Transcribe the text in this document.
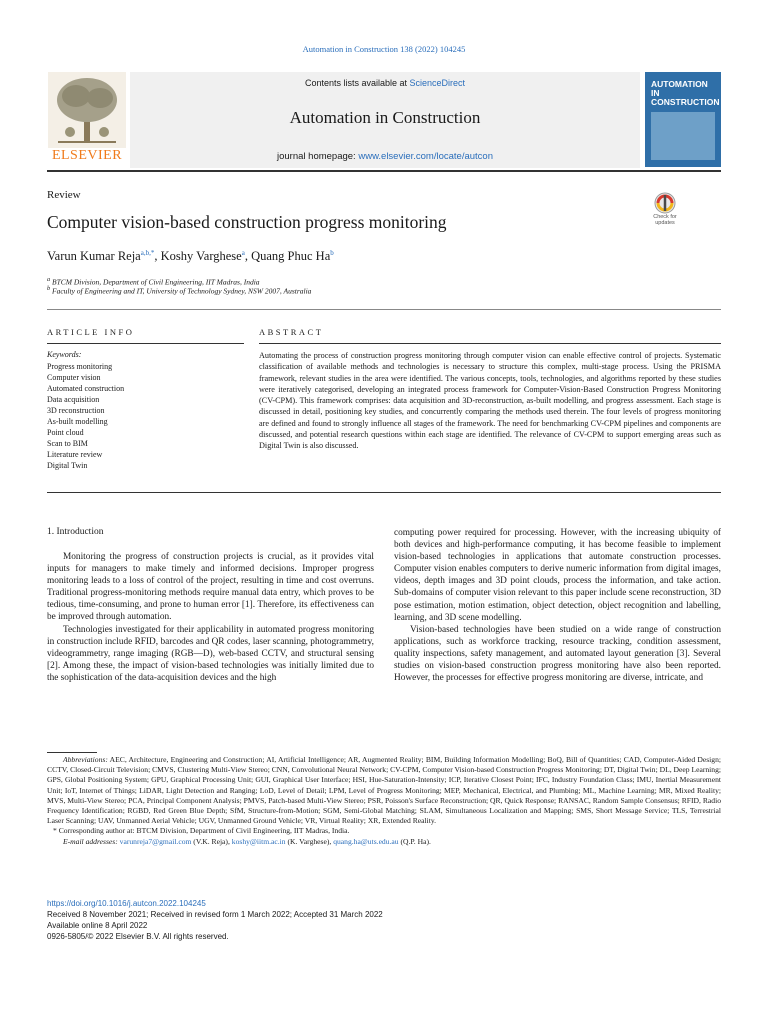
Automation in Construction 138 (2022) 104245
ELSEVIER
Contents lists available at ScienceDirect
Automation in Construction
journal homepage: www.elsevier.com/locate/autcon
AUTOMATION IN CONSTRUCTION
Review
Computer vision-based construction progress monitoring	Check for updates
Varun Kumar Reja$^{a,b,*}$, Koshy Varghese$^a$, Quang Phuc Ha$^b$
$^a$ BTCM Division, Department of Civil Engineering, IIT Madras, India
$^b$ Faculty of Engineering and IT, University of Technology Sydney, NSW 2007, Australia
ARTICLE INFO	ABSTRACT
Keywords:
Progress monitoring
Computer vision
Automated construction
Data acquisition
3D reconstruction
As-built modelling
Point cloud
Scan to BIM
Literature review
Digital Twin
Automating the process of construction progress monitoring through computer vision can enable effective control of projects. Systematic classification of available methods and technologies is necessary to structure this complex, multi-stage process. Using the PRISMA framework, relevant studies in the area were identified. The various concepts, tools, technologies, and algorithms reported by these studies were iteratively categorised, developing an integrated process framework for Computer-Vision-Based Construction Progress Monitoring (CV-CPM). This framework comprises: data acquisition and 3D-reconstruction, as-built modelling, and progress assessment. Each stage is discussed in detail, positioning key studies, and concurrently comparing the methods used therein. The four levels of progress monitoring are defined and found to strongly influence all stages of the framework. The need for benchmarking CV-CPM pipelines and components are discussed, and potential research questions within each stage are identified. The relevance of CV-CPM to support emerging areas such as Digital Twin is also discussed.
1. Introduction

Monitoring the progress of construction projects is crucial, as it provides vital inputs for managers to make timely and informed decisions. Improper progress monitoring leads to a loss of control of the project, resulting in time and cost overruns. Traditional progress-monitoring methods require manual data entry, which proves to be tedious, time-consuming, and prone to human error [1]. Therefore, its effectiveness can be improved through automation.

Technologies investigated for their applicability in automated progress monitoring in construction include RFID, barcodes and QR codes, laser scanning, photogrammetry, videogrammetry, range imaging (RGB—D), web-based CCTV, and structural sensing [2]. Among these, the impact of vision-based technologies was initially limited due to the sophistication of the data-acquisition devices and the high

computing power required for processing. However, with the increasing ubiquity of both devices and high-performance computing, it has become feasible to implement vision-based technologies in applications that automate construction processes. Computer vision enables computers to derive numeric information from digital images, videos, depth images and 3D point clouds, process the information, and take action. Sub-domains of computer vision relevant to this paper include scene reconstruction, 3D pose estimation, motion estimation, object detection, object recognition and labelling, learning, and 3D scene modelling.

Vision-based technologies have been studied on a wide range of construction applications, such as workforce tracking, resource tracking, condition assessment, quality inspections, safety management, and automated layout generation [3]. Several studies on vision-based construction progress monitoring have also been reported. However, the processes for effective progress monitoring are diverse, intricate, and

Abbreviations: AEC, Architecture, Engineering and Construction; AI, Artificial Intelligence; AR, Augmented Reality; BIM, Building Information Modelling; BoQ, Bill of Quantities; CAD, Computer-Aided Design; CCTV, Closed-Circuit Television; CMVS, Clustering Multi-View Stereo; CNN, Convolutional Neural Network; CV-CPM, Computer Vision-based Construction Progress Monitoring; DT, Digital Twin; DL, Deep Learning; GPS, Global Positioning System; GPU, Graphical Processing Unit; GUI, Graphical User Interface; HSI, Hue-Saturation-Intensity; ICP, Iterative Closest Point; IFC, Industry Foundation Class; IMU, Inertial Measurement Unit; IoT, Internet of Things; LiDAR, Light Detection and Ranging; LoD, Level of Detail; LPM, Level of Progress Monitoring; MEP, Mechanical, Electrical, and Plumbing; ML, Machine Learning; MR, Mixed Reality; MVS, Multi-View Stereo; PCA, Principal Component Analysis; PMVS, Patch-based Multi-View Stereo; PSR, Poisson's Surface Reconstruction; QR, Quick Response; RANSAC, Random Sample Consensus; RFID, Radio Frequency Identification; RGBD, Red Green Blue Depth; SfM, Structure-from-Motion; SGM, Semi-Global Matching; SLAM, Simultaneous Localization and Mapping; SMS, Short Message Service; TLS, Terrestrial Laser Scanning; UAV, Unmanned Aerial Vehicle; UGV, Unmanned Ground Vehicle; VR, Virtual Reality; XR, Extended Reality.
* Corresponding author at: BTCM Division, Department of Civil Engineering, IIT Madras, India.
E-mail addresses: varunreja7@gmail.com (V.K. Reja), koshy@iitm.ac.in (K. Varghese), quang.ha@uts.edu.au (Q.P. Ha).
https://doi.org/10.1016/j.autcon.2022.104245
Received 8 November 2021; Received in revised form 1 March 2022; Accepted 31 March 2022
Available online 8 April 2022
0926-5805/© 2022 Elsevier B.V. All rights reserved.
